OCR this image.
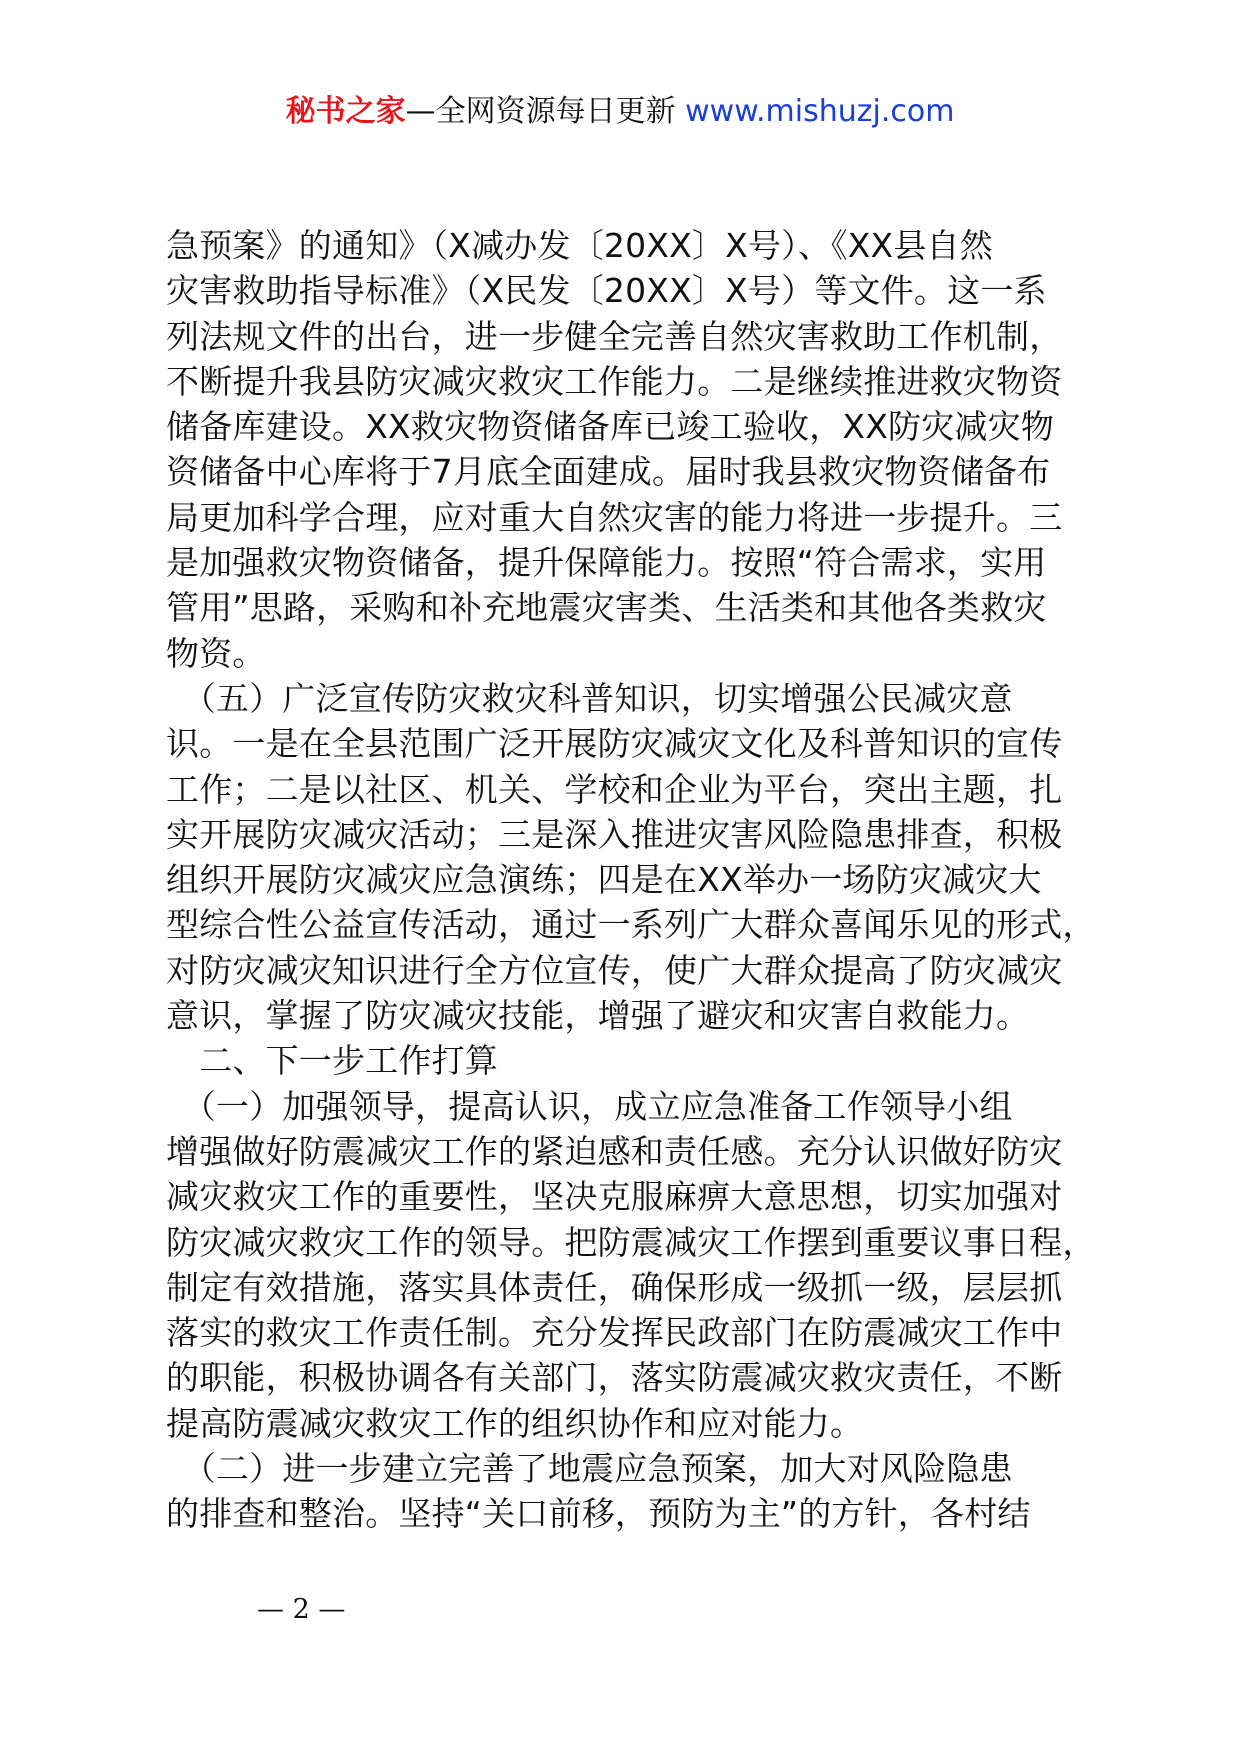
秘书之家—全网资源每日更新 www.mishuzj.com
急预案》的通知》（X减办发〔20XX〕X号）、《XX县自然
灾害救助指导标准》（X民发〔20XX〕X号）等文件。这一系
列法规文件的出台，进一步健全完善自然灾害救助工作机制，
不断提升我县防灾减灾救灾工作能力。二是继续推进救灾物资
储备库建设。XX救灾物资储备库已竣工验收，XX防灾减灾物
资储备中心库将于7月底全面建成。届时我县救灾物资储备布
局更加科学合理，应对重大自然灾害的能力将进一步提升。三
是加强救灾物资储备，提升保障能力。按照“符合需求，实用
管用”思路，采购和补充地震灾害类、生活类和其他各类救灾
物资。
　（五）广泛宣传防灾救灾科普知识，切实增强公民减灾意
识。一是在全县范围广泛开展防灾减灾文化及科普知识的宣传
工作；二是以社区、机关、学校和企业为平台，突出主题，扎
实开展防灾减灾活动；三是深入推进灾害风险隐患排查，积极
组织开展防灾减灾应急演练；四是在XX举办一场防灾减灾大
型综合性公益宣传活动，通过一系列广大群众喜闻乐见的形式，
对防灾减灾知识进行全方位宣传，使广大群众提高了防灾减灾
意识，掌握了防灾减灾技能，增强了避灾和灾害自救能力。
　二、下一步工作打算
　（一）加强领导，提高认识，成立应急准备工作领导小组
增强做好防震减灾工作的紧迫感和责任感。充分认识做好防灾
减灾救灾工作的重要性，坚决克服麻痹大意思想，切实加强对
防灾减灾救灾工作的领导。把防震减灾工作摆到重要议事日程，
制定有效措施，落实具体责任，确保形成一级抓一级，层层抓
落实的救灾工作责任制。充分发挥民政部门在防震减灾工作中
的职能，积极协调各有关部门，落实防震减灾救灾责任，不断
提高防震减灾救灾工作的组织协作和应对能力。
　（二）进一步建立完善了地震应急预案，加大对风险隐患
的排查和整治。坚持“关口前移，预防为主”的方针，各村结
— 2 —
